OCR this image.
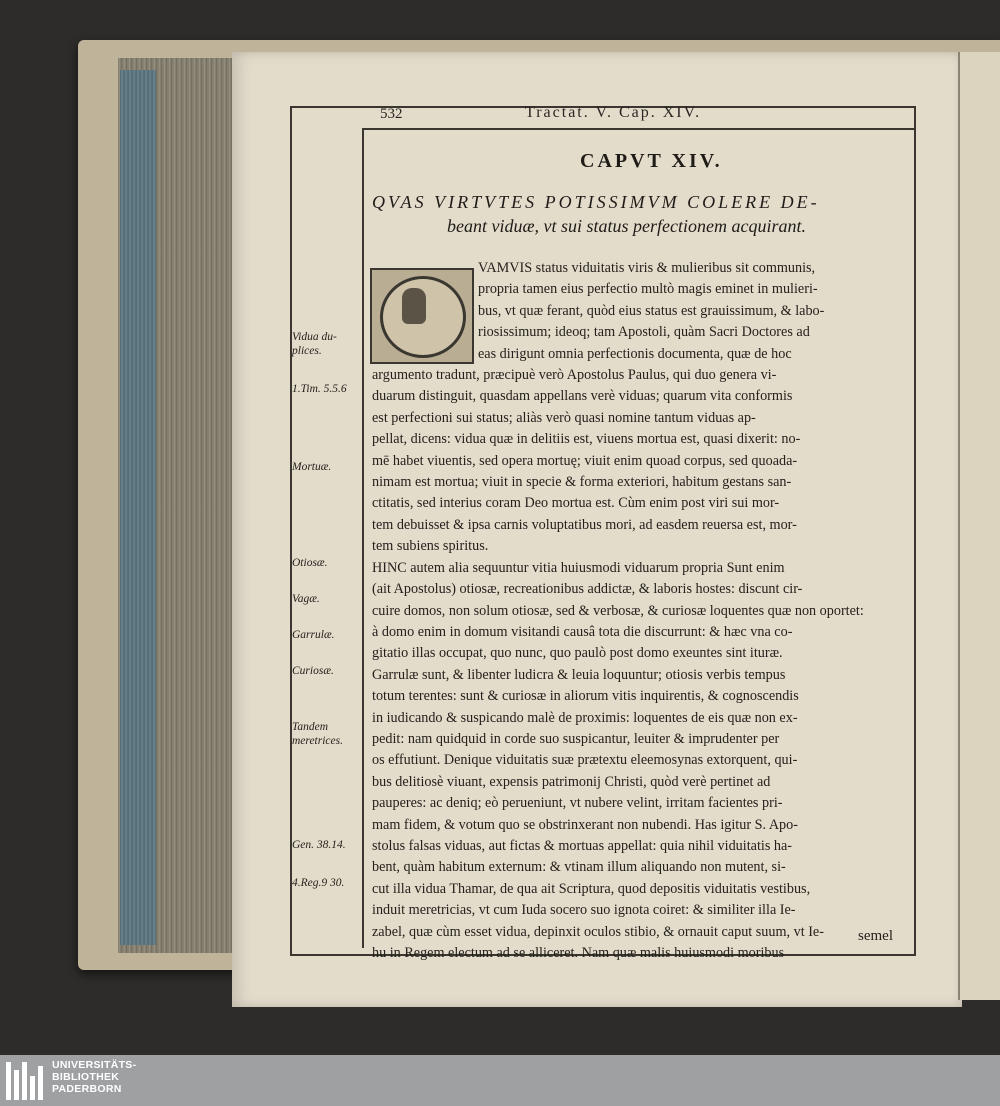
532	Tractat. V. Cap. XIV.
CAPVT XIV.
QVAS VIRTVTES POTISSIMVM COLERE DE-
beant viduæ, vt sui status perfectionem acquirant.
VAMVIS status viduitatis viris & mulieribus sit communis,
propria tamen eius perfectio multò magis eminet in mulieri-
bus, vt quæ ferant, quòd eius status est grauissimum, & labo-
riosissimum; ideoq; tam Apostoli, quàm Sacri Doctores ad
eas dirigunt omnia perfectionis documenta, quæ de hoc
argumento tradunt, præcipuè verò Apostolus Paulus, qui duo genera vi-
duarum distinguit, quasdam appellans verè viduas; quarum vita conformis
est perfectioni sui status; aliàs verò quasi nomine tantum viduas ap-
pellat, dicens: vidua quæ in delitiis est, viuens mortua est, quasi dixerit: no-
mē habet viuentis, sed opera mortuę; viuit enim quoad corpus, sed quoada-
nimam est mortua; viuit in specie & forma exteriori, habitum gestans san-
ctitatis, sed interius coram Deo mortua est. Cùm enim post viri sui mor-
tem debuisset & ipsa carnis voluptatibus mori, ad easdem reuersa est, mor-
tem subiens spiritus.
HINC autem alia sequuntur vitia huiusmodi viduarum propria Sunt enim
(ait Apostolus) otiosæ, recreationibus addictæ, & laboris hostes: discunt cir-
cuire domos, non solum otiosæ, sed & verbosæ, & curiosæ loquentes quæ non oportet:
à domo enim in domum visitandi causâ tota die discurrunt: & hæc vna co-
gitatio illas occupat, quo nunc, quo paulò post domo exeuntes sint ituræ.
Garrulæ sunt, & libenter ludicra & leuia loquuntur; otiosis verbis tempus
totum terentes: sunt & curiosæ in aliorum vitis inquirentis, & cognoscendis
in iudicando & suspicando malè de proximis: loquentes de eis quæ non ex-
pedit: nam quidquid in corde suo suspicantur, leuiter & imprudenter per
os effutiunt. Denique viduitatis suæ prætextu eleemosynas extorquent, qui-
bus delitiosè viuant, expensis patrimonij Christi, quòd verè pertinet ad
pauperes: ac deniq; eò perueniunt, vt nubere velint, irritam facientes pri-
mam fidem, & votum quo se obstrinxerant non nubendi. Has igitur S. Apo-
stolus falsas viduas, aut fictas & mortuas appellat: quia nihil viduitatis ha-
bent, quàm habitum externum: & vtinam illum aliquando non mutent, si-
cut illa vidua Thamar, de qua ait Scriptura, quod depositis viduitatis vestibus,
induit meretricias, vt cum Iuda socero suo ignota coiret: & similiter illa Ie-
zabel, quæ cùm esset vidua, depinxit oculos stibio, & ornauit caput suum, vt Ie-
hu in Regem electum ad se alliceret. Nam quæ malis huiusmodi moribus
Vidua du-
plices.
1.Tim. 5.5.6
Mortuæ.
Otiosæ.
Vagæ.
Garrulæ.
Curiosæ.
Tandem
meretrices.
Gen. 38.14.
4.Reg.9 30.
semel
UNIVERSITÄTS-
BIBLIOTHEK
PADERBORN
